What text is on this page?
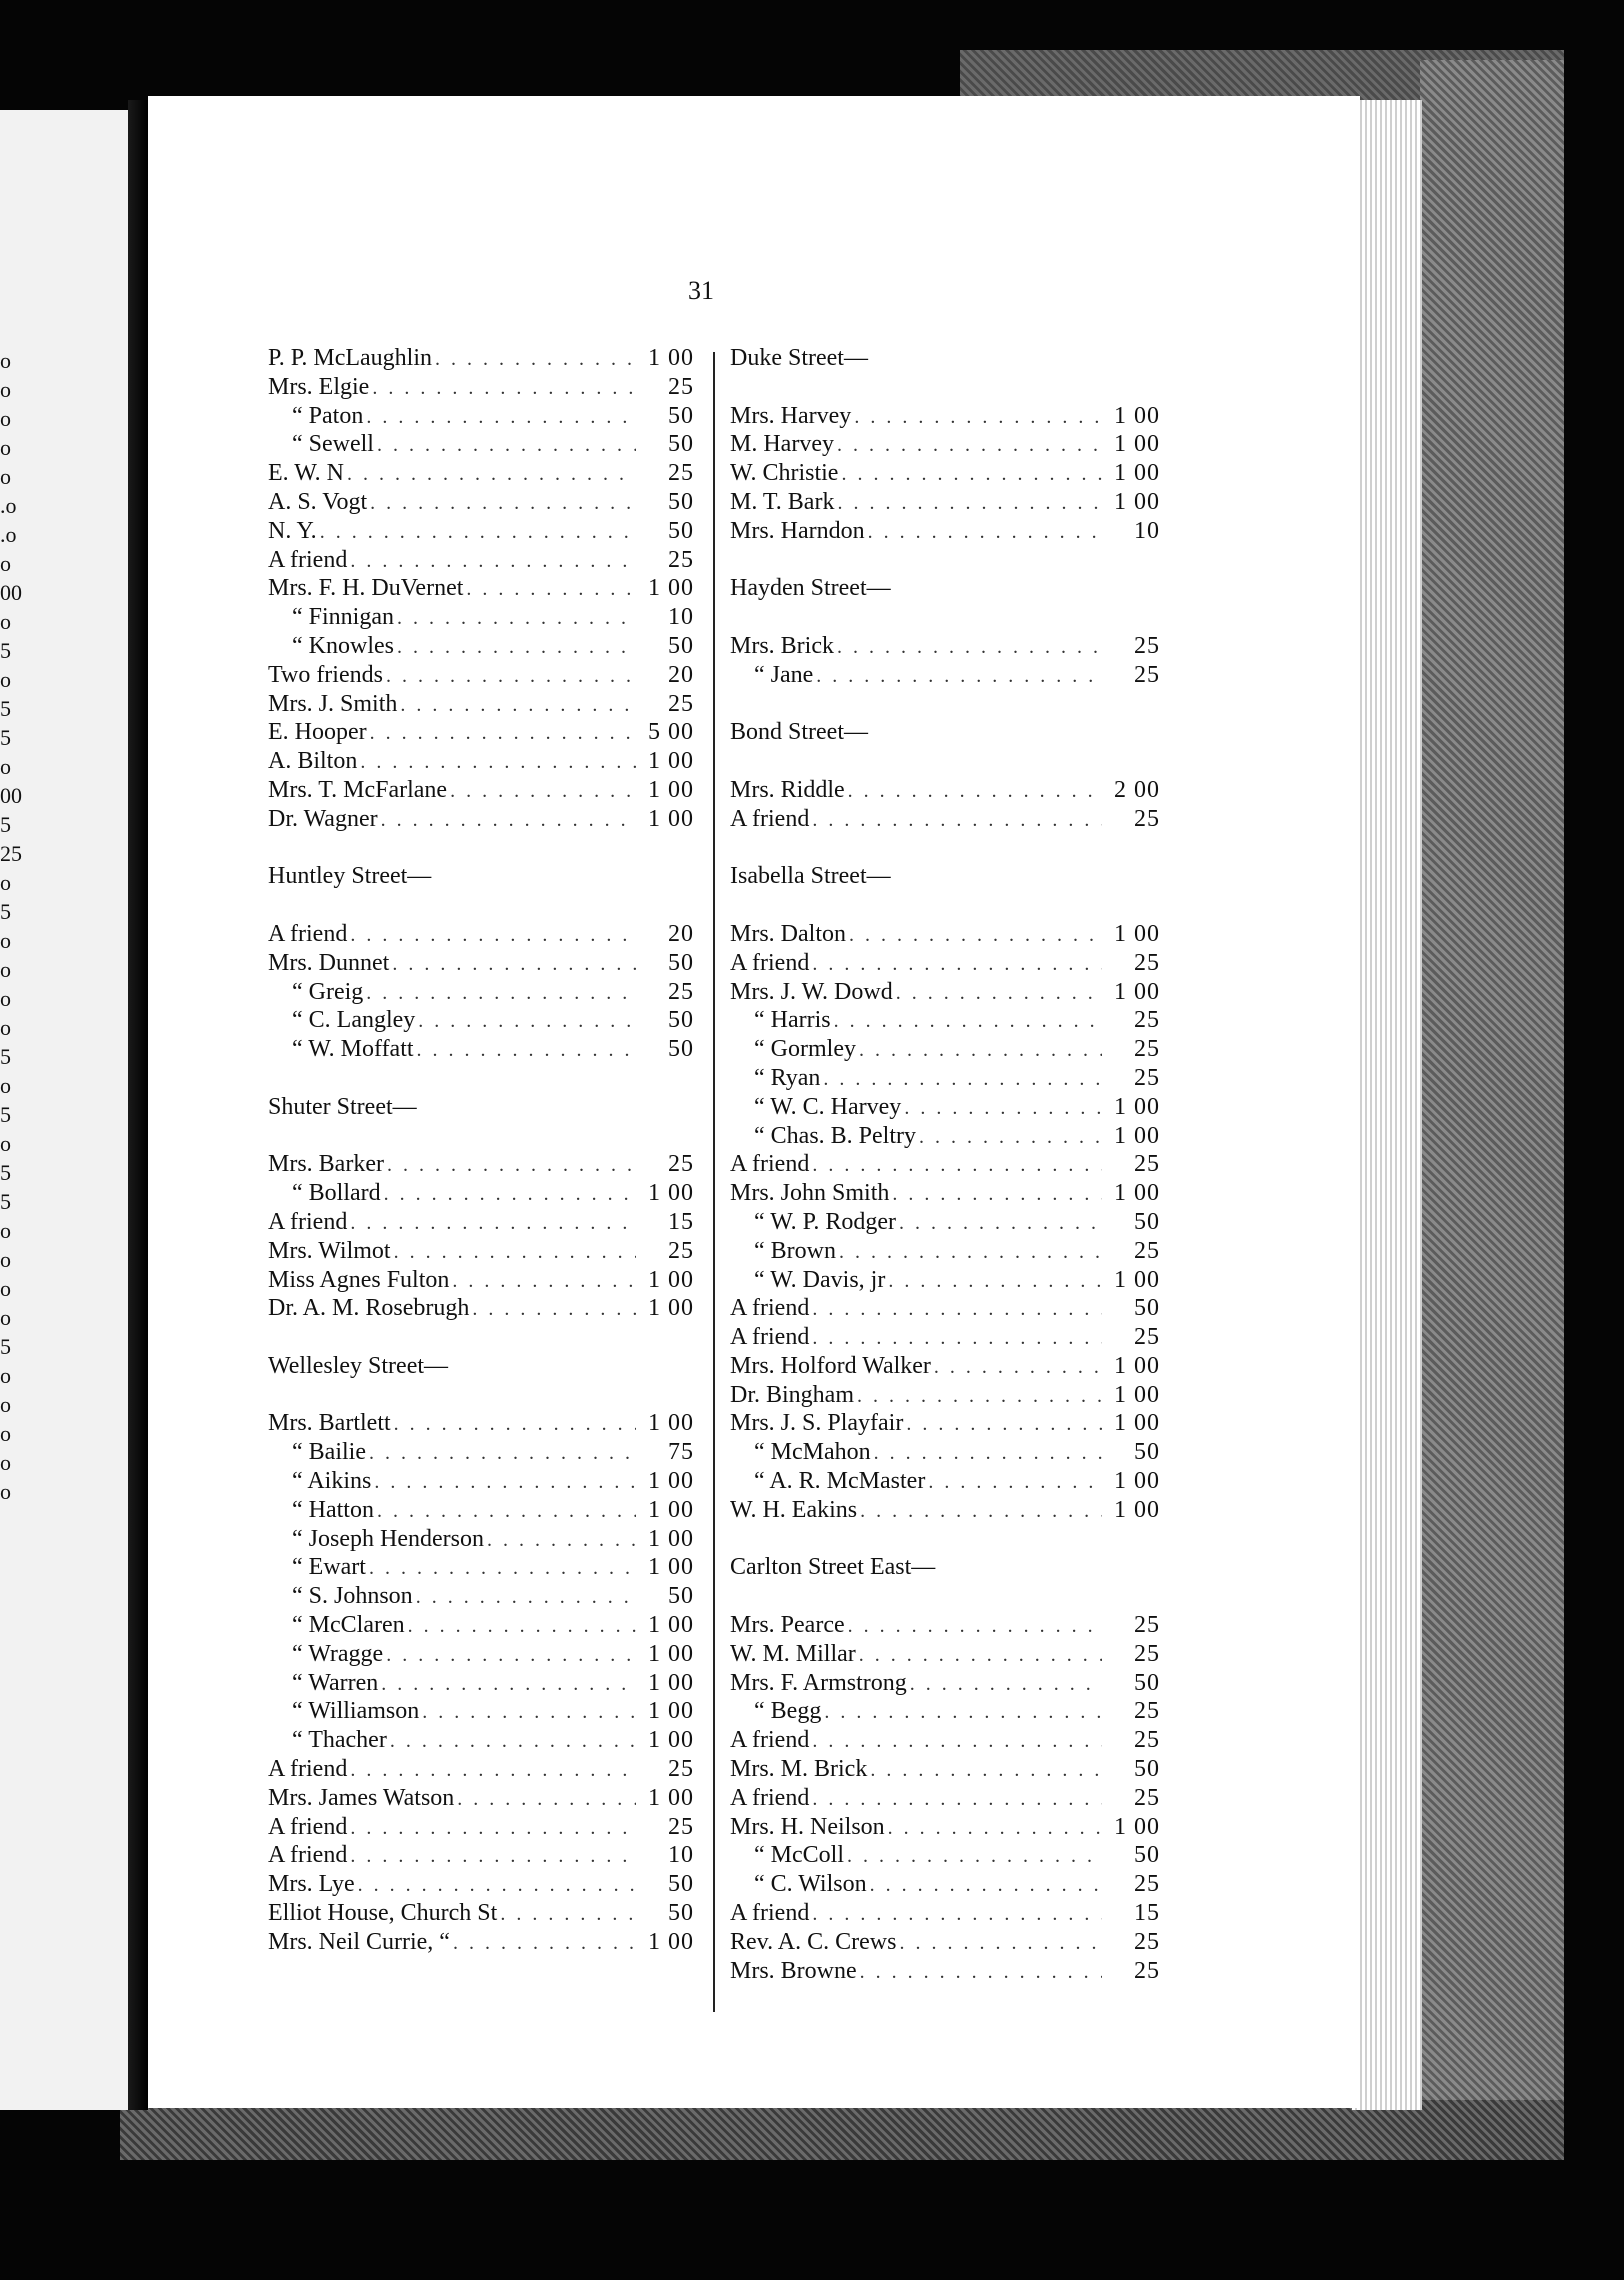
o
o
o
o
o
.o
.o
o
00
o
5
o
5
5
o
00
5
25
o
5
o
o
o
o
5
o
5
o
5
5
o
o
o
o
5
o
o
o
o
o
31
P. P. McLaughlin . . .	1 00
Mrs. Elgie . . .	25
“ Paton . . .	50
“ Sewell . . .	50
E. W. N . . .	25
A. S. Vogt . . .	50
N. Y. . . .	50
A friend . . .	25
Mrs. F. H. DuVernet . . .	1 00
“ Finnigan . . .	10
“ Knowles . . .	50
Two friends . . .	20
Mrs. J. Smith . . .	25
E. Hooper . . .	5 00
A. Bilton . . .	1 00
Mrs. T. McFarlane . . .	1 00
Dr. Wagner . . .	1 00
Huntley Street—
A friend . . .	20
Mrs. Dunnet . . .	50
“ Greig . . .	25
“ C. Langley . . .	50
“ W. Moffatt . . .	50
Shuter Street—
Mrs. Barker . . .	25
“ Bollard . . .	1 00
A friend . . .	15
Mrs. Wilmot . . .	25
Miss Agnes Fulton . . .	1 00
Dr. A. M. Rosebrugh . . .	1 00
Wellesley Street—
Mrs. Bartlett . . .	1 00
“ Bailie . . .	75
“ Aikins . . .	1 00
“ Hatton . . .	1 00
“ Joseph Henderson . . .	1 00
“ Ewart . . .	1 00
“ S. Johnson . . .	50
“ McClaren . . .	1 00
“ Wragge . . .	1 00
“ Warren . . .	1 00
“ Williamson . . .	1 00
“ Thacher . . .	1 00
A friend . . .	25
Mrs. James Watson . . .	1 00
A friend . . .	25
A friend . . .	10
Mrs. Lye . . .	50
Elliot House, Church St . . .	50
Mrs. Neil Currie, “ . . .	1 00
Duke Street—
Mrs. Harvey . . .	1 00
M. Harvey . . .	1 00
W. Christie . . .	1 00
M. T. Bark . . .	1 00
Mrs. Harndon . . .	10
Hayden Street—
Mrs. Brick . . .	25
“ Jane . . .	25
Bond Street—
Mrs. Riddle . . .	2 00
A friend . . .	25
Isabella Street—
Mrs. Dalton . . .	1 00
A friend . . .	25
Mrs. J. W. Dowd . . .	1 00
“ Harris . . .	25
“ Gormley . . .	25
“ Ryan . . .	25
“ W. C. Harvey . . .	1 00
“ Chas. B. Peltry . . .	1 00
A friend . . .	25
Mrs. John Smith . . .	1 00
“ W. P. Rodger . . .	50
“ Brown . . .	25
“ W. Davis, jr . . .	1 00
A friend . . .	50
A friend . . .	25
Mrs. Holford Walker . . .	1 00
Dr. Bingham . . .	1 00
Mrs. J. S. Playfair . . .	1 00
“ McMahon . . .	50
“ A. R. McMaster . . .	1 00
W. H. Eakins . . .	1 00
Carlton Street East—
Mrs. Pearce . . .	25
W. M. Millar . . .	25
Mrs. F. Armstrong . . .	50
“ Begg . . .	25
A friend . . .	25
Mrs. M. Brick . . .	50
A friend . . .	25
Mrs. H. Neilson . . .	1 00
“ McColl . . .	50
“ C. Wilson . . .	25
A friend . . .	15
Rev. A. C. Crews . . .	25
Mrs. Browne . . .	25
